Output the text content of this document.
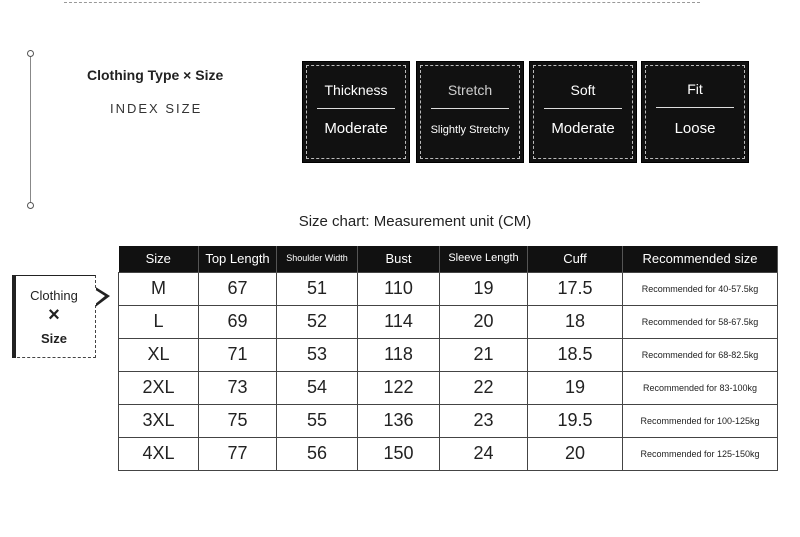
Clothing Type × Size
INDEX SIZE
Thickness
Moderate
Stretch
Slightly Stretchy
Soft
Moderate
Fit
Loose
Size chart: Measurement unit (CM)
Clothing
×
Size
Size	Top Length	Shoulder Width	Bust	Sleeve Length	Cuff	Recommended size
M	67	51	110	19	17.5	Recommended for 40-57.5kg
L	69	52	114	20	18	Recommended for 58-67.5kg
XL	71	53	118	21	18.5	Recommended for 68-82.5kg
2XL	73	54	122	22	19	Recommended for 83-100kg
3XL	75	55	136	23	19.5	Recommended for 100-125kg
4XL	77	56	150	24	20	Recommended for 125-150kg
